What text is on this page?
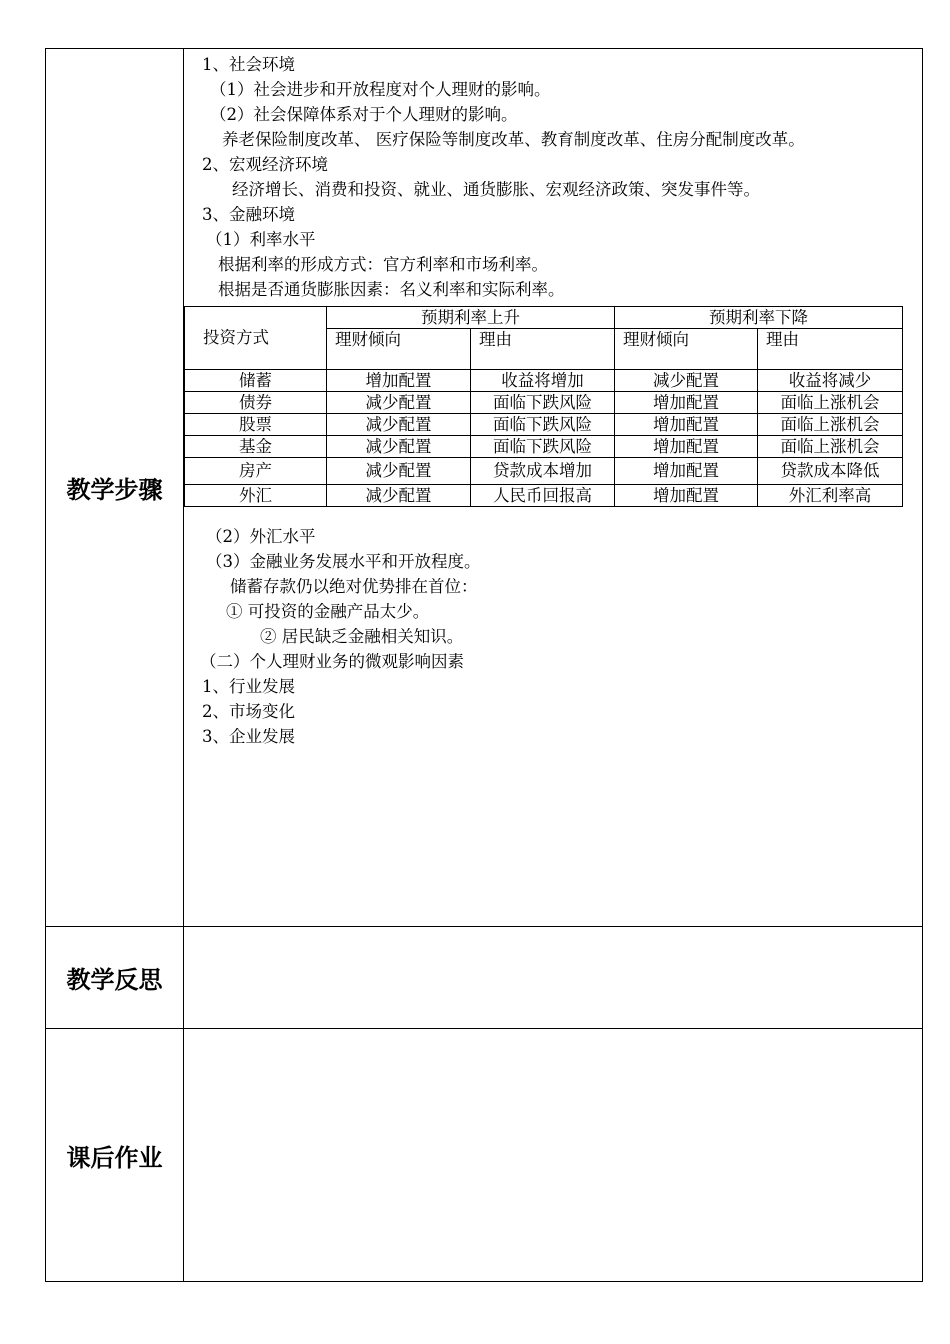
教学步骤
1、社会环境
（1）社会进步和开放程度对个人理财的影响。
（2）社会保障体系对于个人理财的影响。
养老保险制度改革、 医疗保险等制度改革、教育制度改革、住房分配制度改革。
2、宏观经济环境
经济增长、消费和投资、就业、通货膨胀、宏观经济政策、突发事件等。
3、金融环境
（1）利率水平
根据利率的形成方式：官方利率和市场利率。
根据是否通货膨胀因素：名义利率和实际利率。
投资方式	预期利率上升		预期利率下降	
	理财倾向	理由	理财倾向	理由
储蓄	增加配置	收益将增加	减少配置	收益将减少
债券	减少配置	面临下跌风险	增加配置	面临上涨机会
股票	减少配置	面临下跌风险	增加配置	面临上涨机会
基金	减少配置	面临下跌风险	增加配置	面临上涨机会
房产	减少配置	贷款成本增加	增加配置	贷款成本降低
外汇	减少配置	人民币回报高	增加配置	外汇利率高
（2）外汇水平
（3）金融业务发展水平和开放程度。
储蓄存款仍以绝对优势排在首位：
① 可投资的金融产品太少。
② 居民缺乏金融相关知识。
（二）个人理财业务的微观影响因素
1、行业发展
2、市场变化
3、企业发展
教学反思
课后作业
